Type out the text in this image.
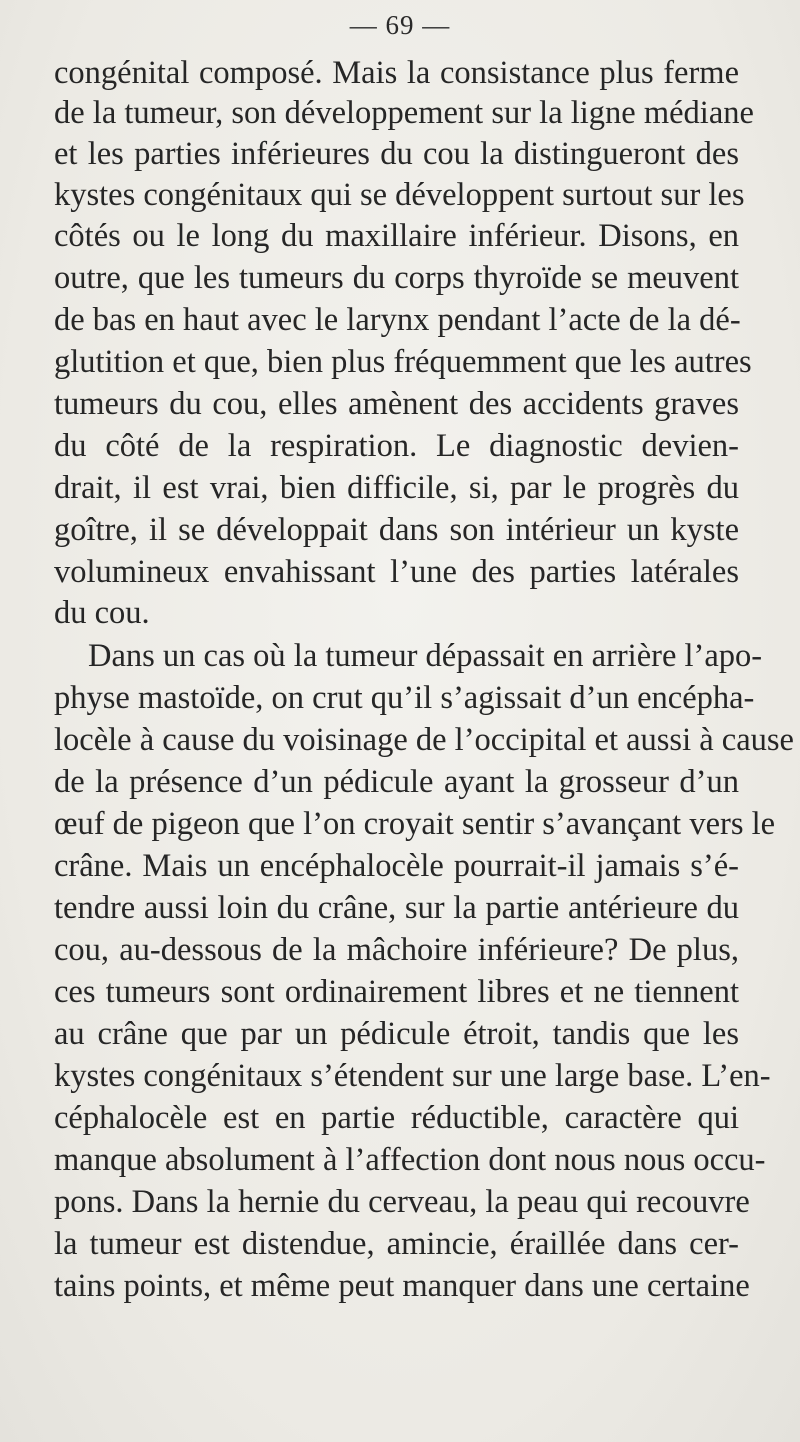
— 69 —
congénital composé. Mais la consistance plus ferme
de la tumeur, son développement sur la ligne médiane
et les parties inférieures du cou la distingueront des
kystes congénitaux qui se développent surtout sur les
côtés ou le long du maxillaire inférieur. Disons, en
outre, que les tumeurs du corps thyroïde se meuvent
de bas en haut avec le larynx pendant l’acte de la dé-
glutition et que, bien plus fréquemment que les autres
tumeurs du cou, elles amènent des accidents graves
du côté de la respiration. Le diagnostic devien-
drait, il est vrai, bien difficile, si, par le progrès du
goître, il se développait dans son intérieur un kyste
volumineux envahissant l’une des parties latérales
du cou.
Dans un cas où la tumeur dépassait en arrière l’apo-
physe mastoïde, on crut qu’il s’agissait d’un encépha-
locèle à cause du voisinage de l’occipital et aussi à cause
de la présence d’un pédicule ayant la grosseur d’un
œuf de pigeon que l’on croyait sentir s’avançant vers le
crâne. Mais un encéphalocèle pourrait-il jamais s’é-
tendre aussi loin du crâne, sur la partie antérieure du
cou, au-dessous de la mâchoire inférieure? De plus,
ces tumeurs sont ordinairement libres et ne tiennent
au crâne que par un pédicule étroit, tandis que les
kystes congénitaux s’étendent sur une large base. L’en-
céphalocèle est en partie réductible, caractère qui
manque absolument à l’affection dont nous nous occu-
pons. Dans la hernie du cerveau, la peau qui recouvre
la tumeur est distendue, amincie, éraillée dans cer-
tains points, et même peut manquer dans une certaine
